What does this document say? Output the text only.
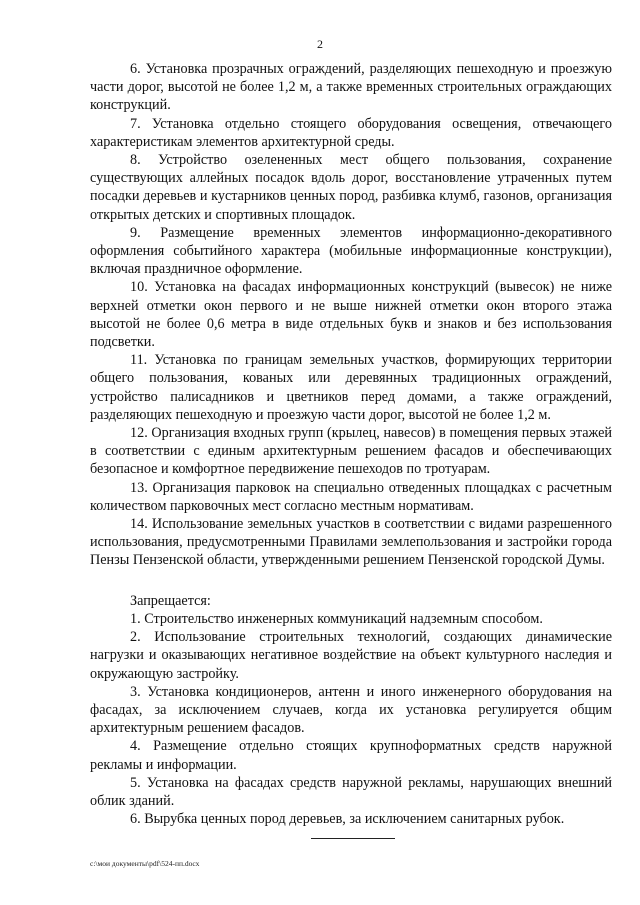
2

6. Установка прозрачных ограждений, разделяющих пешеходную и проезжую части дорог, высотой не более 1,2 м, а также временных строительных ограждающих конструкций.

7. Установка отдельно стоящего оборудования освещения, отвечающего характеристикам элементов архитектурной среды.

8. Устройство озелененных мест общего пользования, сохранение существующих аллейных посадок вдоль дорог, восстановление утраченных путем посадки деревьев и кустарников ценных пород, разбивка клумб, газонов, организация открытых детских и спортивных площадок.

9. Размещение временных элементов информационно-декоративного оформления событийного характера (мобильные информационные конструкции), включая праздничное оформление.

10. Установка на фасадах информационных конструкций (вывесок) не ниже верхней отметки окон первого и не выше нижней отметки окон второго этажа высотой не более 0,6 метра в виде отдельных букв и знаков и без использования подсветки.

11. Установка по границам земельных участков, формирующих территории общего пользования, кованых или деревянных традиционных ограждений, устройство палисадников и цветников перед домами, а также ограждений, разделяющих пешеходную и проезжую части дорог, высотой не более 1,2 м.

12. Организация входных групп (крылец, навесов) в помещения первых этажей в соответствии с единым архитектурным решением фасадов и обеспечивающих безопасное и комфортное передвижение пешеходов по тротуарам.

13. Организация парковок на специально отведенных площадках с расчетным количеством парковочных мест согласно местным нормативам.

14. Использование земельных участков в соответствии с видами разрешенного использования, предусмотренными Правилами землепользования и застройки города Пензы Пензенской области, утвержденными решением Пензенской городской Думы.

Запрещается:

1. Строительство инженерных коммуникаций надземным способом.

2. Использование строительных технологий, создающих динамические нагрузки и оказывающих негативное воздействие на объект культурного наследия и окружающую застройку.

3. Установка кондиционеров, антенн и иного инженерного оборудования на фасадах, за исключением случаев, когда их установка регулируется общим архитектурным решением фасадов.

4. Размещение отдельно стоящих крупноформатных средств наружной рекламы и информации.

5. Установка на фасадах средств наружной рекламы, нарушающих внешний облик зданий.

6. Вырубка ценных пород деревьев, за исключением санитарных рубок.

c:\мои документы\pdf\524-пп.docx
